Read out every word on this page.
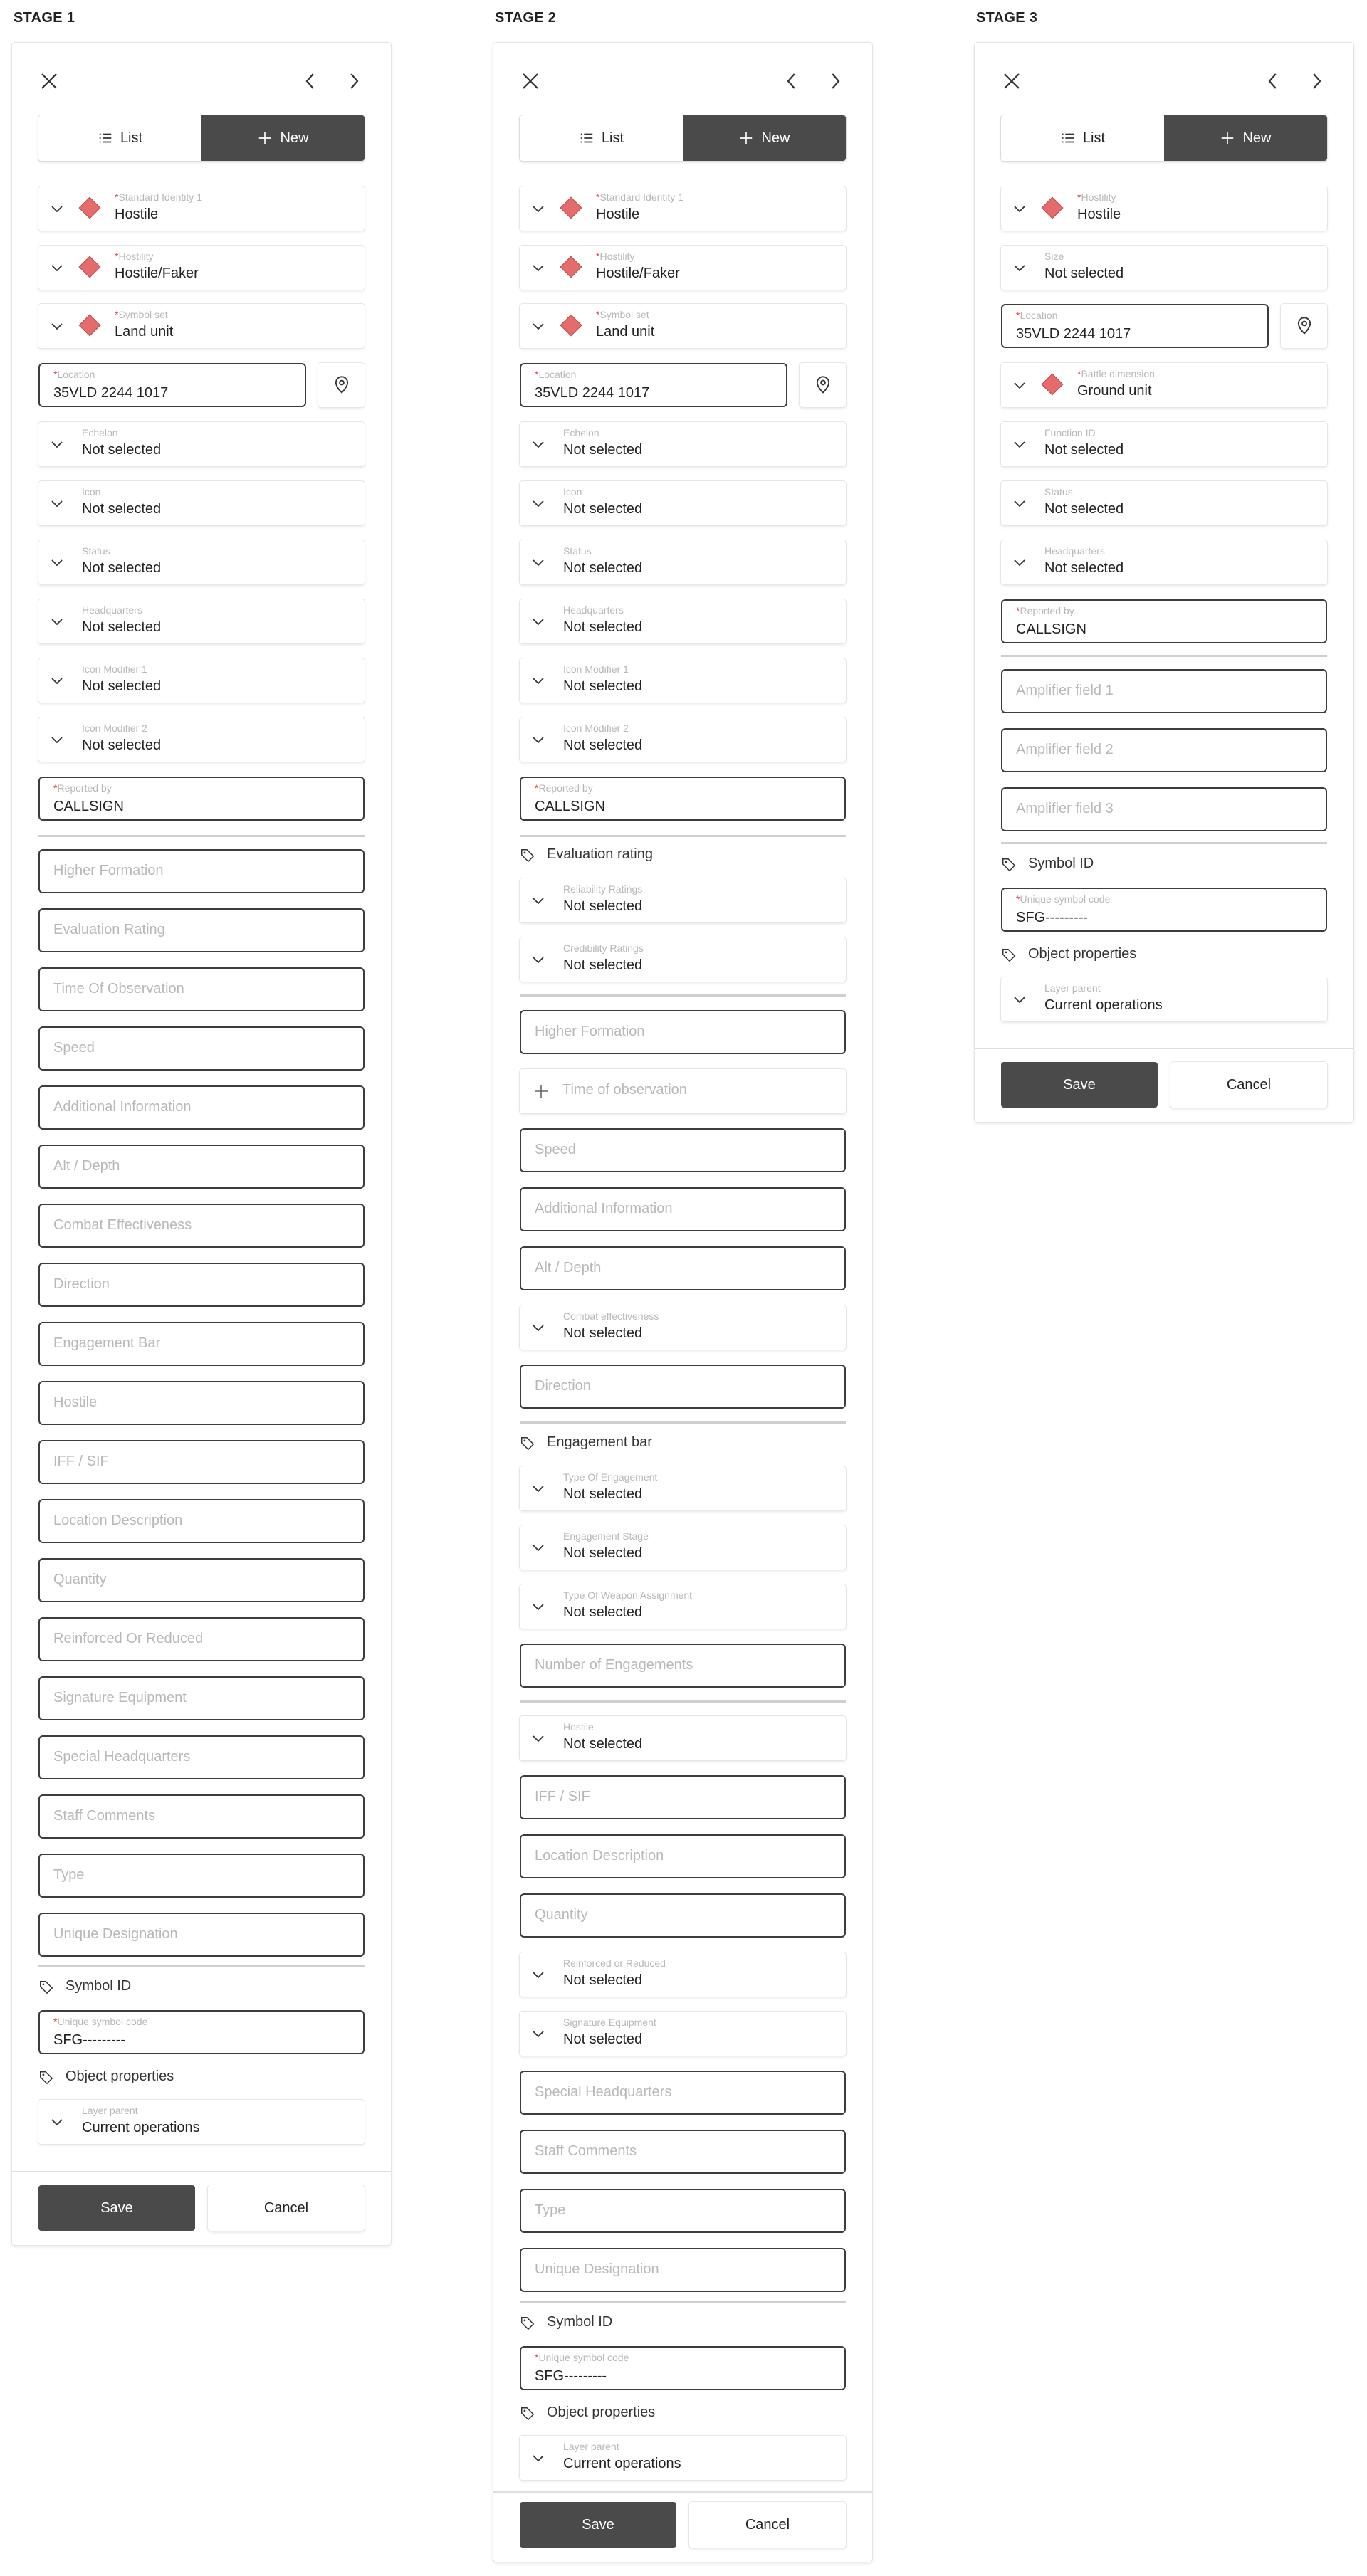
STAGE 1	STAGE 2	STAGE 3
List	New
*Standard Identity 1
Hostile
*Hostility
Hostile/Faker
*Symbol set
Land unit
*Location
35VLD 2244 1017
Echelon
Not selected
Icon
Not selected
Status
Not selected
Headquarters
Not selected
Icon Modifier 1
Not selected
Icon Modifier 2
Not selected
*Reported by
CALLSIGN
Higher Formation
Evaluation Rating
Time Of Observation
Speed
Additional Information
Alt / Depth
Combat Effectiveness
Direction
Engagement Bar
Hostile
IFF / SIF
Location Description
Quantity
Reinforced Or Reduced
Signature Equipment
Special Headquarters
Staff Comments
Type
Unique Designation
Symbol ID
*Unique symbol code
SFG---------
Object properties
Layer parent
Current operations
Save	Cancel
List	New
*Standard Identity 1
Hostile
*Hostility
Hostile/Faker
*Symbol set
Land unit
*Location
35VLD 2244 1017
Echelon
Not selected
Icon
Not selected
Status
Not selected
Headquarters
Not selected
Icon Modifier 1
Not selected
Icon Modifier 2
Not selected
*Reported by
CALLSIGN
Evaluation rating
Reliability Ratings
Not selected
Credibility Ratings
Not selected
Higher Formation
Time of observation
Speed
Additional Information
Alt / Depth
Combat effectiveness
Not selected
Direction
Engagement bar
Type Of Engagement
Not selected
Engagement Stage
Not selected
Type Of Weapon Assignment
Not selected
Number of Engagements
Hostile
Not selected
IFF / SIF
Location Description
Quantity
Reinforced or Reduced
Not selected
Signature Equipment
Not selected
Special Headquarters
Staff Comments
Type
Unique Designation
Symbol ID
*Unique symbol code
SFG---------
Object properties
Layer parent
Current operations
Save	Cancel
List	New
*Hostility
Hostile
Size
Not selected
*Location
35VLD 2244 1017
*Battle dimension
Ground unit
Function ID
Not selected
Status
Not selected
Headquarters
Not selected
*Reported by
CALLSIGN
Amplifier field 1
Amplifier field 2
Amplifier field 3
Symbol ID
*Unique symbol code
SFG---------
Object properties
Layer parent
Current operations
Save	Cancel
